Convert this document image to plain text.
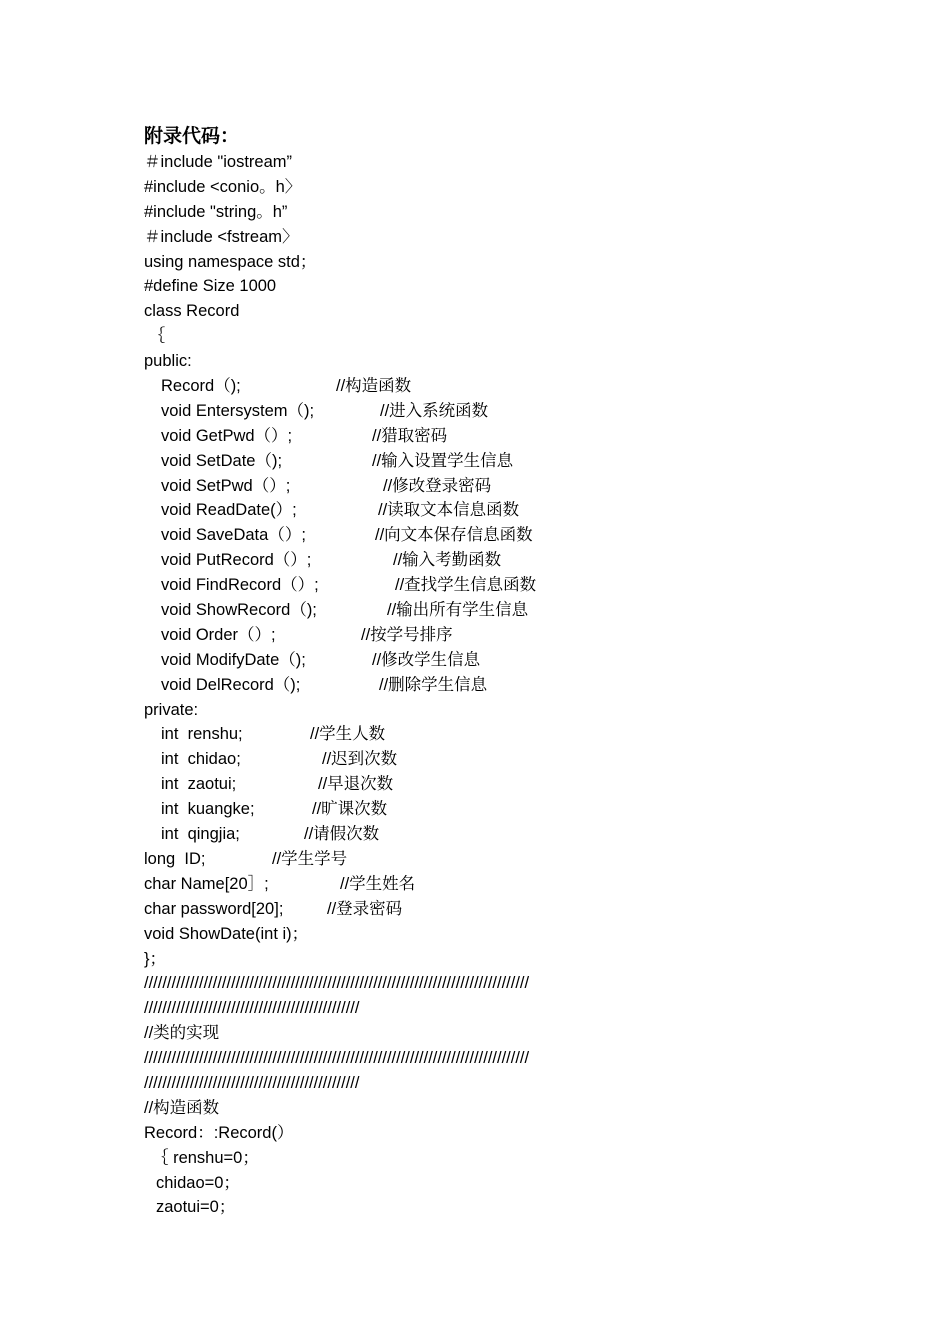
附录代码：
＃include "iostream”
#include <conio。h〉
#include "string。h”
＃include <fstream〉
using namespace std；
#define Size 1000
class Record
｛
public:
Record（);	//构造函数
void Entersystem（);	//进入系统函数
void GetPwd（）;	//猎取密码
void SetDate（);	//输入设置学生信息
void SetPwd（）;	//修改登录密码
void ReadDate(）;	//读取文本信息函数
void SaveData（）;	//向文本保存信息函数
void PutRecord（）;	//输入考勤函数
void FindRecord（）;	//查找学生信息函数
void ShowRecord（);	//输出所有学生信息
void Order（）;	//按学号排序
void ModifyDate（);	//修改学生信息
void DelRecord（);	//删除学生信息
private:
int  renshu;	//学生人数
int  chidao;	//迟到次数
int  zaotui;	//早退次数
int  kuangke;	//旷课次数
int  qingjia;	//请假次数
long  ID;	//学生学号
char Name[20］;	//学生姓名
char password[20];	//登录密码
void ShowDate(int i)；
}；
////////////////////////////////////////////////////////////////////////////////////
///////////////////////////////////////////////
//类的实现
////////////////////////////////////////////////////////////////////////////////////
///////////////////////////////////////////////
//构造函数
Record：:Record(）
｛ renshu=0；
chidao=0；
zaotui=0；
